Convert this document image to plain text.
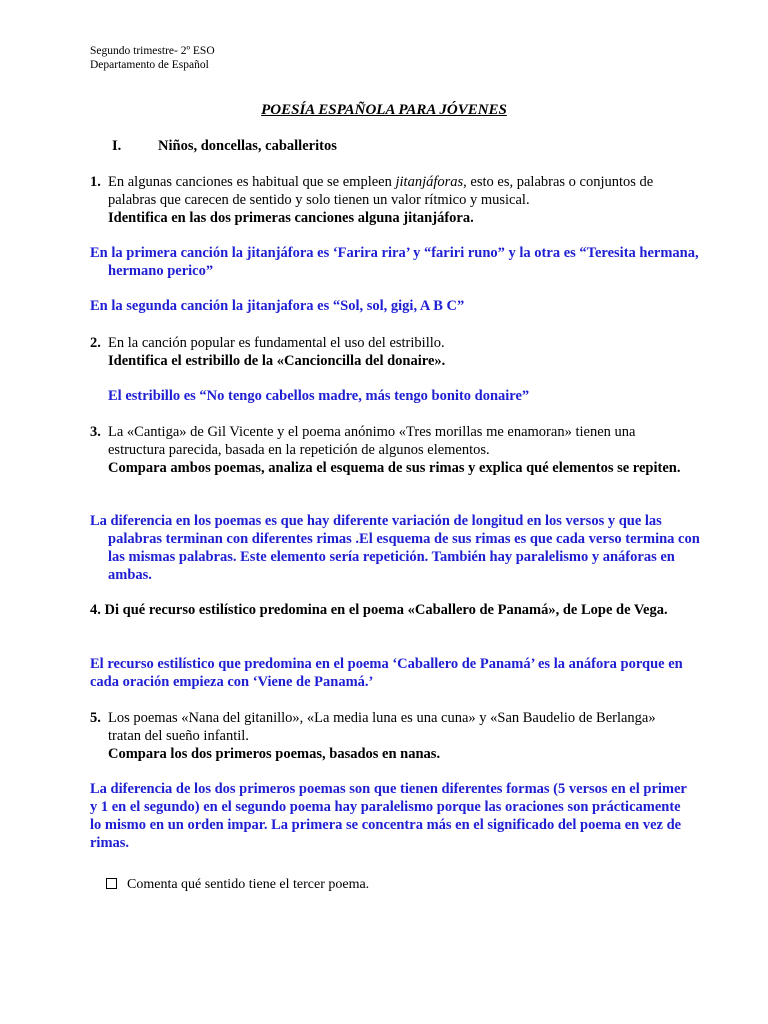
Segundo trimestre- 2º ESO
Departamento de Español
POESÍA ESPAÑOLA PARA JÓVENES
I.	Niños, doncellas, caballeritos
1. En algunas canciones es habitual que se empleen jitanjáforas, esto es, palabras o conjuntos de palabras que carecen de sentido y solo tienen un valor rítmico y musical.
Identifica en las dos primeras canciones alguna jitanjáfora.
En la primera canción la jitanjáfora es ‘Farira rira’ y “fariri runo” y la otra es “Teresita hermana, hermano perico”
En la segunda canción la jitanjafora es “Sol, sol, gigi, A B C”
2. En la canción popular es fundamental el uso del estribillo.
Identifica el estribillo de la «Cancioncilla del donaire».
El estribillo es “No tengo cabellos madre, más tengo bonito donaire”
3. La «Cantiga» de Gil Vicente y el poema anónimo «Tres morillas me enamoran» tienen una estructura parecida, basada en la repetición de algunos elementos.
Compara ambos poemas, analiza el esquema de sus rimas y explica qué elementos se repiten.
La diferencia en los poemas es que hay diferente variación de longitud en los versos y que las palabras terminan con diferentes rimas .El esquema de sus rimas es que cada verso termina con las mismas palabras. Este elemento sería repetición. También hay paralelismo y anáforas en ambas.
4. Di qué recurso estilístico predomina en el poema «Caballero de Panamá», de Lope de Vega.
El recurso estilístico que predomina en el poema ‘Caballero de Panamá’ es la anáfora porque en cada oración empieza con ‘Viene de Panamá.’
5. Los poemas «Nana del gitanillo», «La media luna es una cuna» y «San Baudelio de Berlanga» tratan del sueño infantil.
Compara los dos primeros poemas, basados en nanas.
La diferencia de los dos primeros poemas son que tienen diferentes formas (5 versos en el primer y 1 en el segundo) en el segundo poema hay paralelismo porque las oraciones son prácticamente lo mismo en un orden impar. La primera se concentra más en el significado del poema en vez de rimas.
Comenta qué sentido tiene el tercer poema.
